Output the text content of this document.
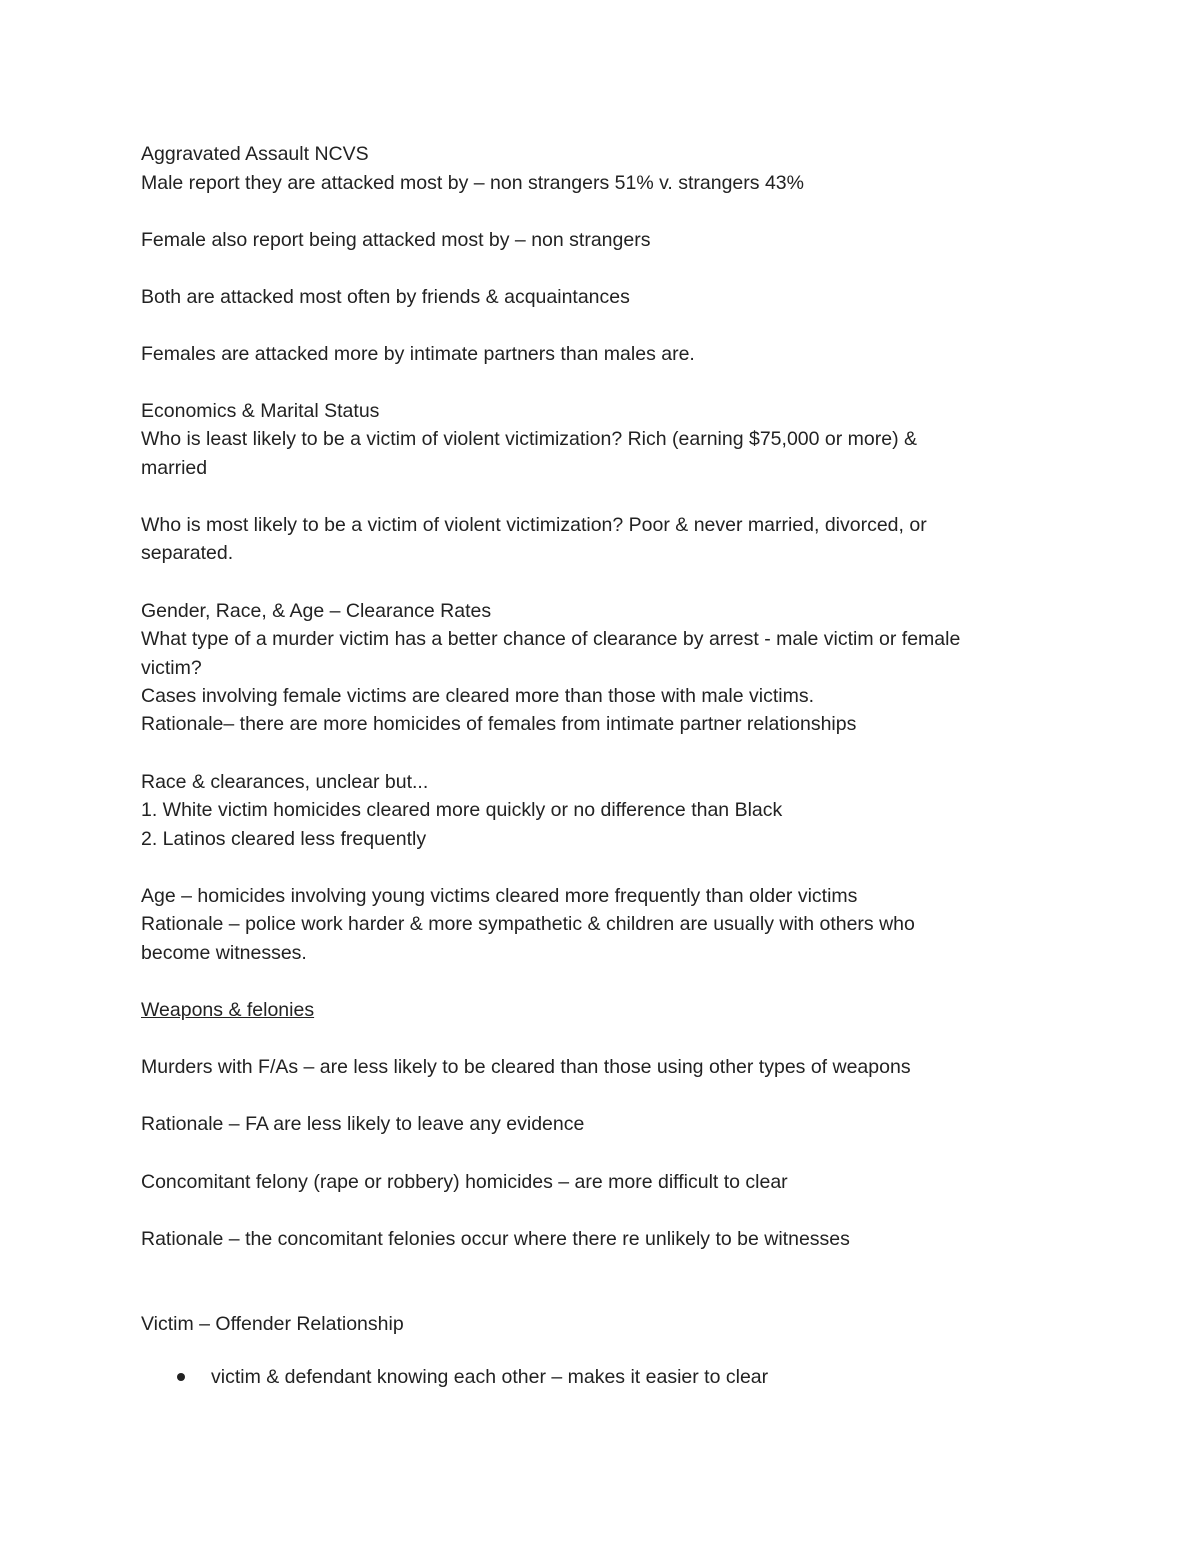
Aggravated Assault NCVS
Male report they are attacked most by – non strangers 51% v. strangers 43%
Female also report being attacked most by – non strangers
Both are attacked most often by friends & acquaintances
Females are attacked more by intimate partners than males are.
Economics & Marital Status
Who is least likely to be a victim of violent victimization? Rich (earning $75,000 or more) &
married
Who is most likely to be a victim of violent victimization? Poor & never married, divorced, or
separated.
Gender, Race, & Age – Clearance Rates
What type of a murder victim has a better chance of clearance by arrest - male victim or female
victim?
Cases involving female victims are cleared more than those with male victims.
Rationale– there are more homicides of females from intimate partner relationships
Race & clearances, unclear but...
1. White victim homicides cleared more quickly or no difference than Black
2. Latinos cleared less frequently
Age – homicides involving young victims cleared more frequently than older victims
Rationale – police work harder & more sympathetic & children are usually with others who
become witnesses.
Weapons & felonies
Murders with F/As – are less likely to be cleared than those using other types of weapons
Rationale – FA are less likely to leave any evidence
Concomitant felony (rape or robbery) homicides – are more difficult to clear
Rationale – the concomitant felonies occur where there re unlikely to be witnesses
Victim – Offender Relationship
victim & defendant knowing each other – makes it easier to clear
